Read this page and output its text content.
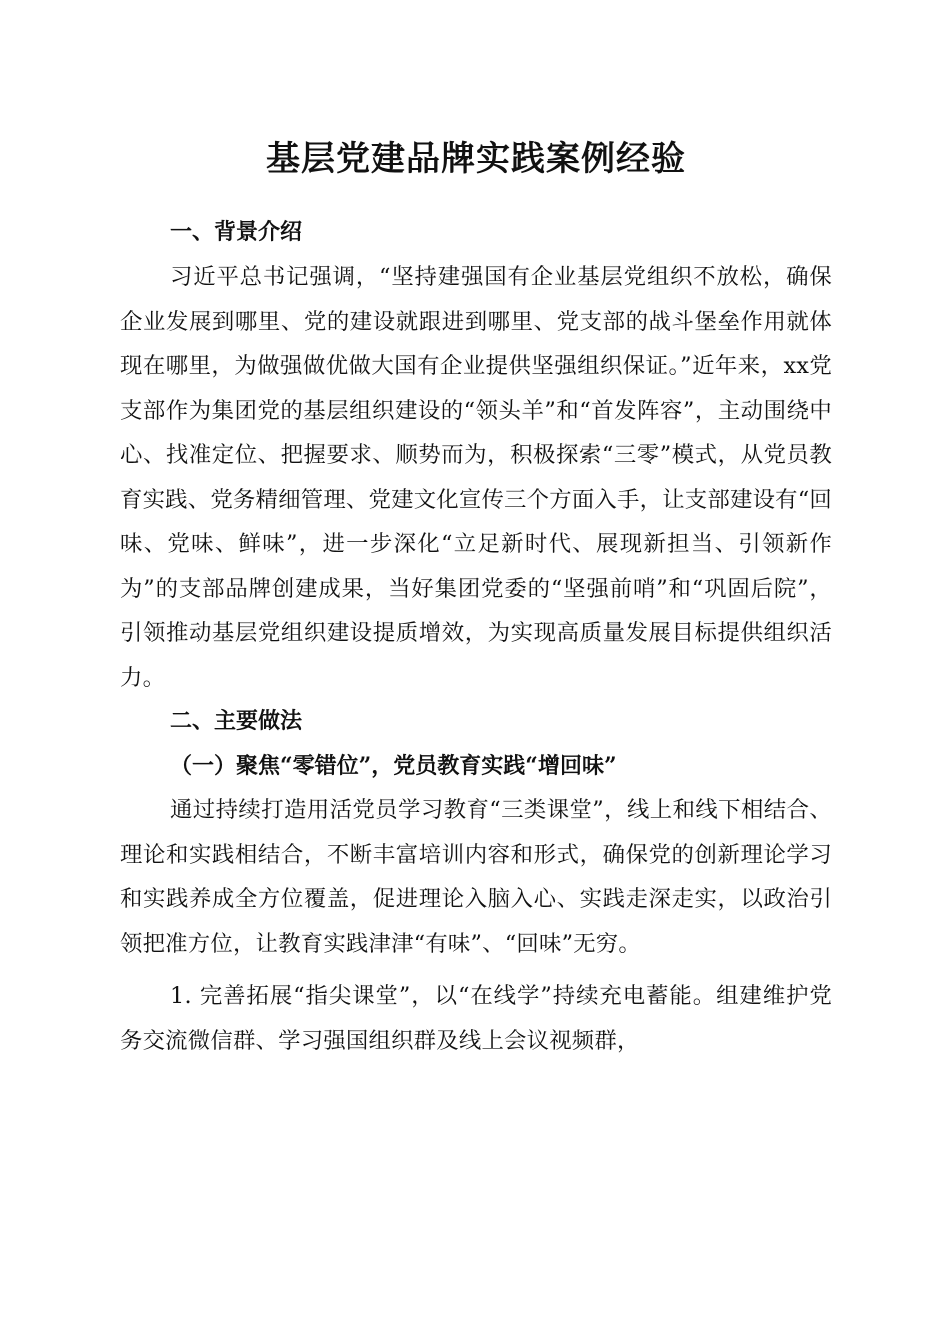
基层党建品牌实践案例经验

一、背景介绍

习近平总书记强调，“坚持建强国有企业基层党组织不放松，确保企业发展到哪里、党的建设就跟进到哪里、党支部的战斗堡垒作用就体现在哪里，为做强做优做大国有企业提供坚强组织保证。”近年来，xx党支部作为集团党的基层组织建设的“领头羊”和“首发阵容”，主动围绕中心、找准定位、把握要求、顺势而为，积极探索“三零”模式，从党员教育实践、党务精细管理、党建文化宣传三个方面入手，让支部建设有“回味、党味、鲜味”，进一步深化“立足新时代、展现新担当、引领新作为”的支部品牌创建成果，当好集团党委的“坚强前哨”和“巩固后院”，引领推动基层党组织建设提质增效，为实现高质量发展目标提供组织活力。

二、主要做法

（一）聚焦“零错位”，党员教育实践“增回味”

通过持续打造用活党员学习教育“三类课堂”，线上和线下相结合、理论和实践相结合，不断丰富培训内容和形式，确保党的创新理论学习和实践养成全方位覆盖，促进理论入脑入心、实践走深走实，以政治引领把准方位，让教育实践津津“有味”、“回味”无穷。

1. 完善拓展“指尖课堂”，以“在线学”持续充电蓄能。组建维护党务交流微信群、学习强国组织群及线上会议视频群，
